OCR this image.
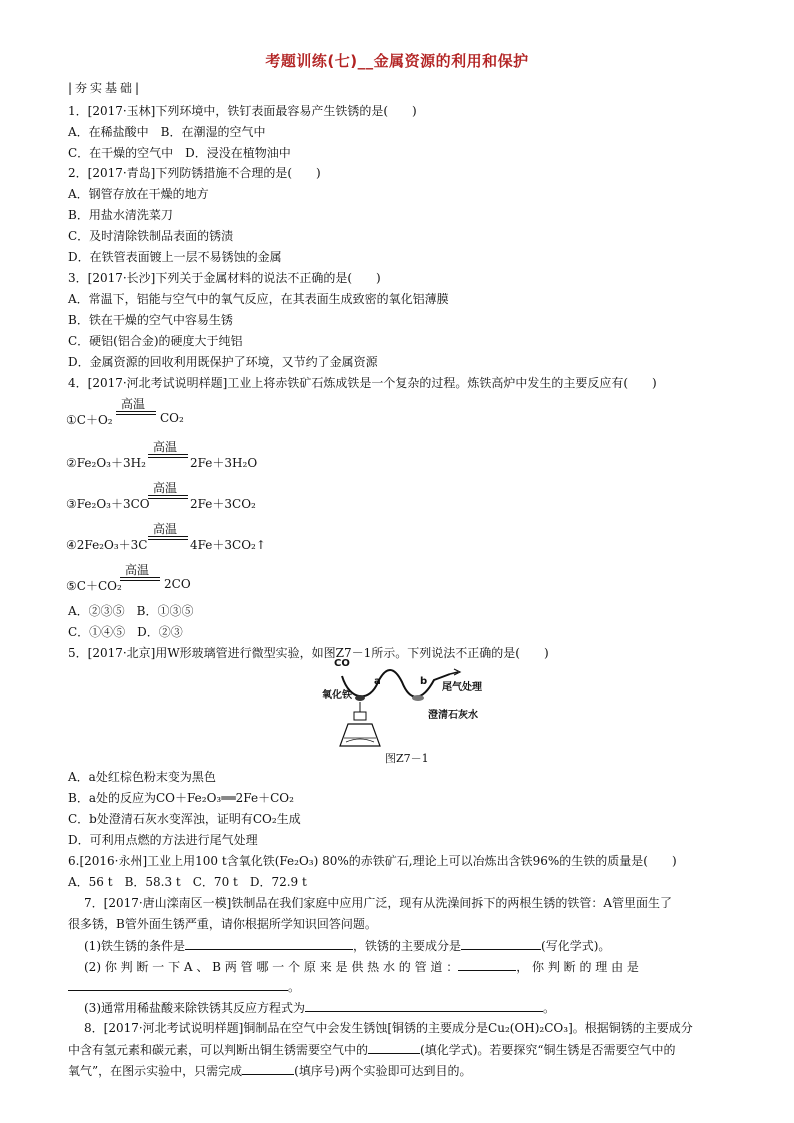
考题训练(七)__金属资源的利用和保护
|夯实基础|
1．[2017·玉林]下列环境中，铁钉表面最容易产生铁锈的是(　　)
A．在稀盐酸中　B．在潮湿的空气中
C．在干燥的空气中　D．浸没在植物油中
2．[2017·青岛]下列防锈措施不合理的是(　　)
A．钢管存放在干燥的地方
B．用盐水清洗菜刀
C．及时清除铁制品表面的锈渍
D．在铁管表面镀上一层不易锈蚀的金属
3．[2017·长沙]下列关于金属材料的说法不正确的是(　　)
A．常温下，铝能与空气中的氧气反应，在其表面生成致密的氧化铝薄膜
B．铁在干燥的空气中容易生锈
C．硬铝(铝合金)的硬度大于纯铝
D．金属资源的回收利用既保护了环境，又节约了金属资源
4．[2017·河北考试说明样题]工业上将赤铁矿石炼成铁是一个复杂的过程。炼铁高炉中发生的主要反应有(　　)
①C＋O₂
高温
CO₂
②Fe₂O₃＋3H₂
高温
2Fe＋3H₂O
③Fe₂O₃＋3CO
高温
2Fe＋3CO₂
④2Fe₂O₃＋3C
高温
4Fe＋3CO₂↑
⑤C＋CO₂
高温
2CO
A．②③⑤　B．①③⑤
C．①④⑤　D．②③
5．[2017·北京]用W形玻璃管进行微型实验，如图Z7－1所示。下列说法不正确的是(　　)
CO
氧化铁
a	b
尾气处理
澄清石灰水
图Z7－1
A．a处红棕色粉末变为黑色
B．a处的反应为CO＋Fe₂O₃══2Fe＋CO₂
C．b处澄清石灰水变浑浊，证明有CO₂生成
D．可利用点燃的方法进行尾气处理
6.[2016·永州]工业上用100 t含氧化铁(Fe₂O₃) 80%的赤铁矿石,理论上可以冶炼出含铁96%的生铁的质量是(　　)
A．56 t　B．58.3 t　C．70 t　D．72.9 t
7．[2017·唐山滦南区一模]铁制品在我们家庭中应用广泛，现有从洗澡间拆下的两根生锈的铁管：A管里面生了
很多锈，B管外面生锈严重，请你根据所学知识回答问题。
(1)铁生锈的条件是	，铁锈的主要成分是	(写化学式)。
(2) 你 判 断 一 下 A 、 B 两 管 哪 一 个 原 来 是 供 热 水 的 管 道 ：	， 你 判 断 的 理 由 是
。
(3)通常用稀盐酸来除铁锈其反应方程式为	。
8．[2017·河北考试说明样题]铜制品在空气中会发生锈蚀[铜锈的主要成分是Cu₂(OH)₂CO₃]。根据铜锈的主要成分
中含有氢元素和碳元素，可以判断出铜生锈需要空气中的	(填化学式)。若要探究“铜生锈是否需要空气中的
氧气”，在图示实验中，只需完成	(填序号)两个实验即可达到目的。
